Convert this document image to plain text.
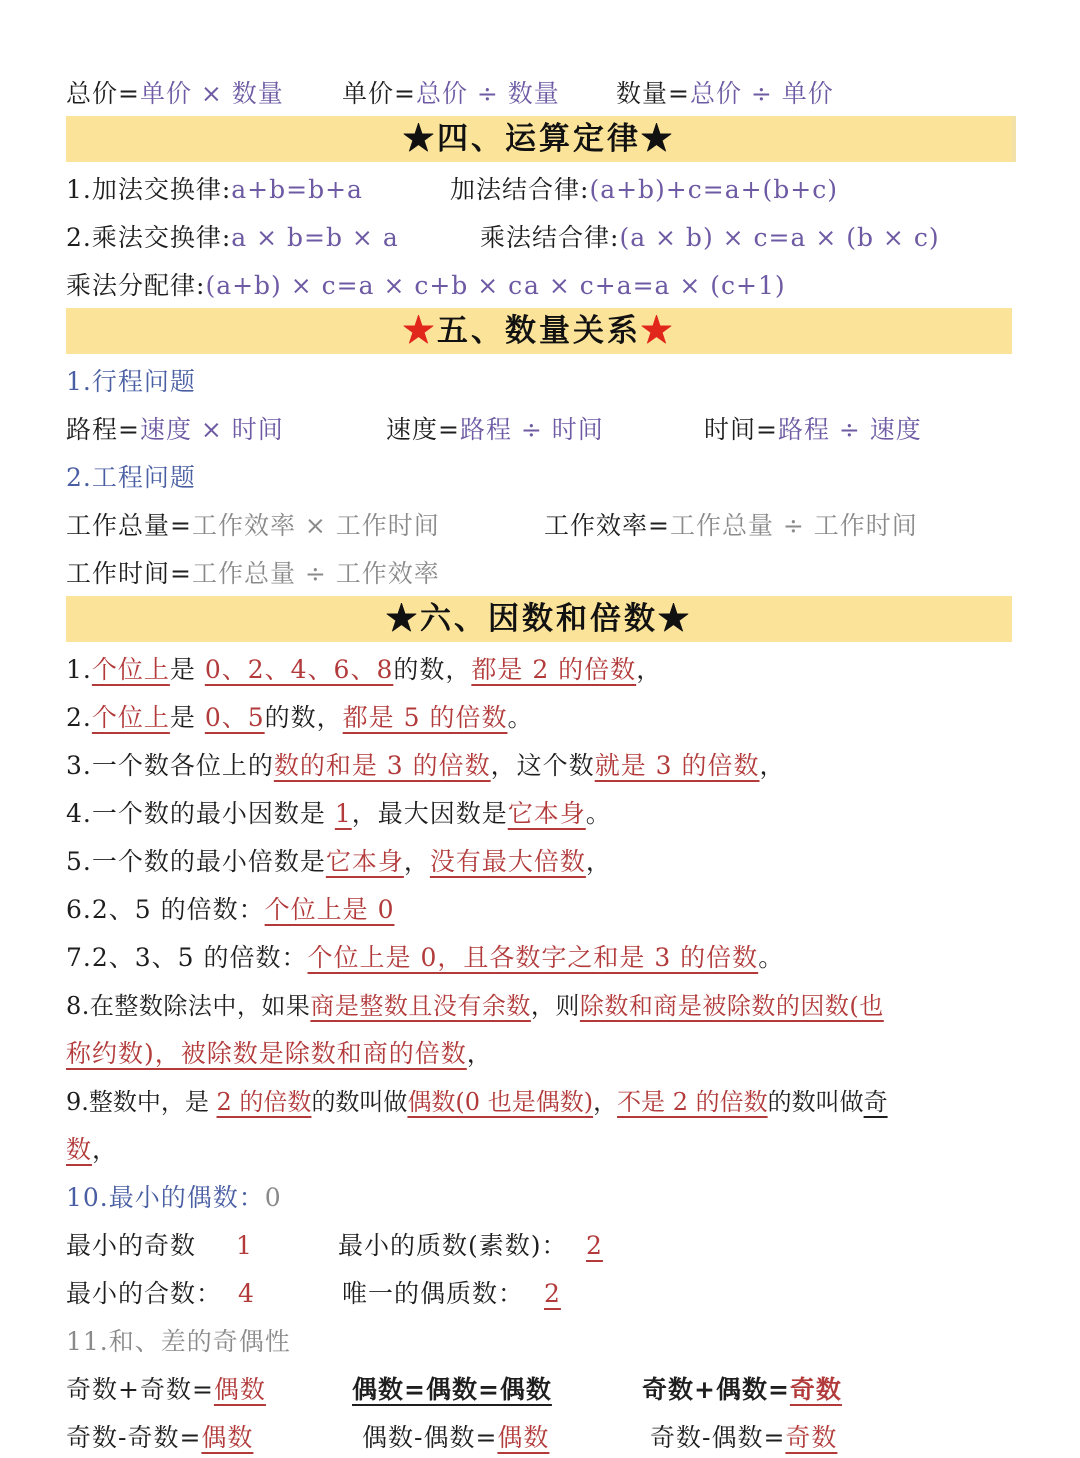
总价=单价 × 数量 单价=总价 ÷ 数量 数量=总价 ÷ 单价
★四、运算定律★
1.加法交换律:a+b=b+a	加法结合律:(a+b)+c=a+(b+c)
2.乘法交换律:a × b=b × a	乘法结合律:(a × b) × c=a × (b × c)
乘法分配律:(a+b) × c=a × c+b × c a × c+a=a × (c+1)
★五、数量关系★
1.行程问题
路程=速度 × 时间	速度=路程 ÷ 时间	时间=路程 ÷ 速度
2.工程问题
工作总量=工作效率 × 工作时间	工作效率=工作总量 ÷ 工作时间
工作时间=工作总量 ÷ 工作效率
★六、因数和倍数★
1.个位上是 0、2、4、6、8的数，都是 2 的倍数，
2.个位上是 0、5的数，都是 5 的倍数。
3.一个数各位上的数的和是 3 的倍数，这个数就是 3 的倍数，
4.一个数的最小因数是 1，最大因数是它本身。
5.一个数的最小倍数是它本身，没有最大倍数，
6.2、5 的倍数：个位上是 0
7.2、3、5 的倍数：个位上是 0，且各数字之和是 3 的倍数。
8.在整数除法中，如果商是整数且没有余数，则除数和商是被除数的因数(也
称约数)，被除数是除数和商的倍数，
9.整数中，是 2 的倍数的数叫做偶数(0 也是偶数)，不是 2 的倍数的数叫做奇
数，
10.最小的偶数：0
最小的奇数 1	最小的质数(素数)： 2
最小的合数： 4	唯一的偶质数： 2
11.和、差的奇偶性
奇数+奇数=偶数	偶数=偶数=偶数	奇数+偶数=奇数
奇数-奇数=偶数	偶数-偶数=偶数	奇数-偶数=奇数
